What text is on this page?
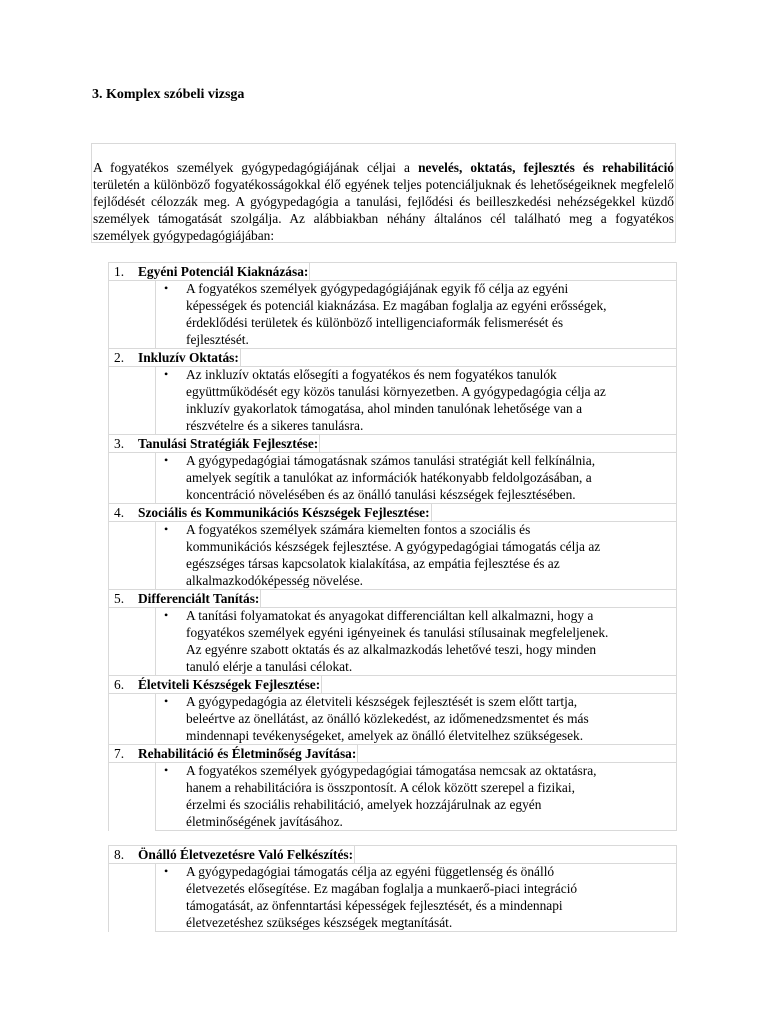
3. Komplex szóbeli vizsga
A fogyatékos személyek gyógypedagógiájának céljai a nevelés, oktatás, fejlesztés és rehabilitáció területén a különböző fogyatékosságokkal élő egyének teljes potenciáljuknak és lehetőségeiknek megfelelő fejlődését célozzák meg. A gyógypedagógia a tanulási, fejlődési és beilleszkedési nehézségekkel küzdő személyek támogatását szolgálja. Az alábbiakban néhány általános cél található meg a fogyatékos személyek gyógypedagógiájában:
1. Egyéni Potenciál Kiaknázása:
• A fogyatékos személyek gyógypedagógiájának egyik fő célja az egyéni
képességek és potenciál kiaknázása. Ez magában foglalja az egyéni erősségek,
érdeklődési területek és különböző intelligenciaformák felismerését és
fejlesztését.
2. Inkluzív Oktatás:
• Az inkluzív oktatás elősegíti a fogyatékos és nem fogyatékos tanulók
együttműködését egy közös tanulási környezetben. A gyógypedagógia célja az
inkluzív gyakorlatok támogatása, ahol minden tanulónak lehetősége van a
részvételre és a sikeres tanulásra.
3. Tanulási Stratégiák Fejlesztése:
• A gyógypedagógiai támogatásnak számos tanulási stratégiát kell felkínálnia,
amelyek segítik a tanulókat az információk hatékonyabb feldolgozásában, a
koncentráció növelésében és az önálló tanulási készségek fejlesztésében.
4. Szociális és Kommunikációs Készségek Fejlesztése:
• A fogyatékos személyek számára kiemelten fontos a szociális és
kommunikációs készségek fejlesztése. A gyógypedagógiai támogatás célja az
egészséges társas kapcsolatok kialakítása, az empátia fejlesztése és az
alkalmazkodóképesség növelése.
5. Differenciált Tanítás:
• A tanítási folyamatokat és anyagokat differenciáltan kell alkalmazni, hogy a
fogyatékos személyek egyéni igényeinek és tanulási stílusainak megfeleljenek.
Az egyénre szabott oktatás és az alkalmazkodás lehetővé teszi, hogy minden
tanuló elérje a tanulási célokat.
6. Életviteli Készségek Fejlesztése:
• A gyógypedagógia az életviteli készségek fejlesztését is szem előtt tartja,
beleértve az önellátást, az önálló közlekedést, az időmenedzsmentet és más
mindennapi tevékenységeket, amelyek az önálló életvitelhez szükségesek.
7. Rehabilitáció és Életminőség Javítása:
• A fogyatékos személyek gyógypedagógiai támogatása nemcsak az oktatásra,
hanem a rehabilitációra is összpontosít. A célok között szerepel a fizikai,
érzelmi és szociális rehabilitáció, amelyek hozzájárulnak az egyén
életminőségének javításához.
8. Önálló Életvezetésre Való Felkészítés:
• A gyógypedagógiai támogatás célja az egyéni függetlenség és önálló
életvezetés elősegítése. Ez magában foglalja a munkaerő-piaci integráció
támogatását, az önfenntartási képességek fejlesztését, és a mindennapi
életvezetéshez szükséges készségek megtanítását.
